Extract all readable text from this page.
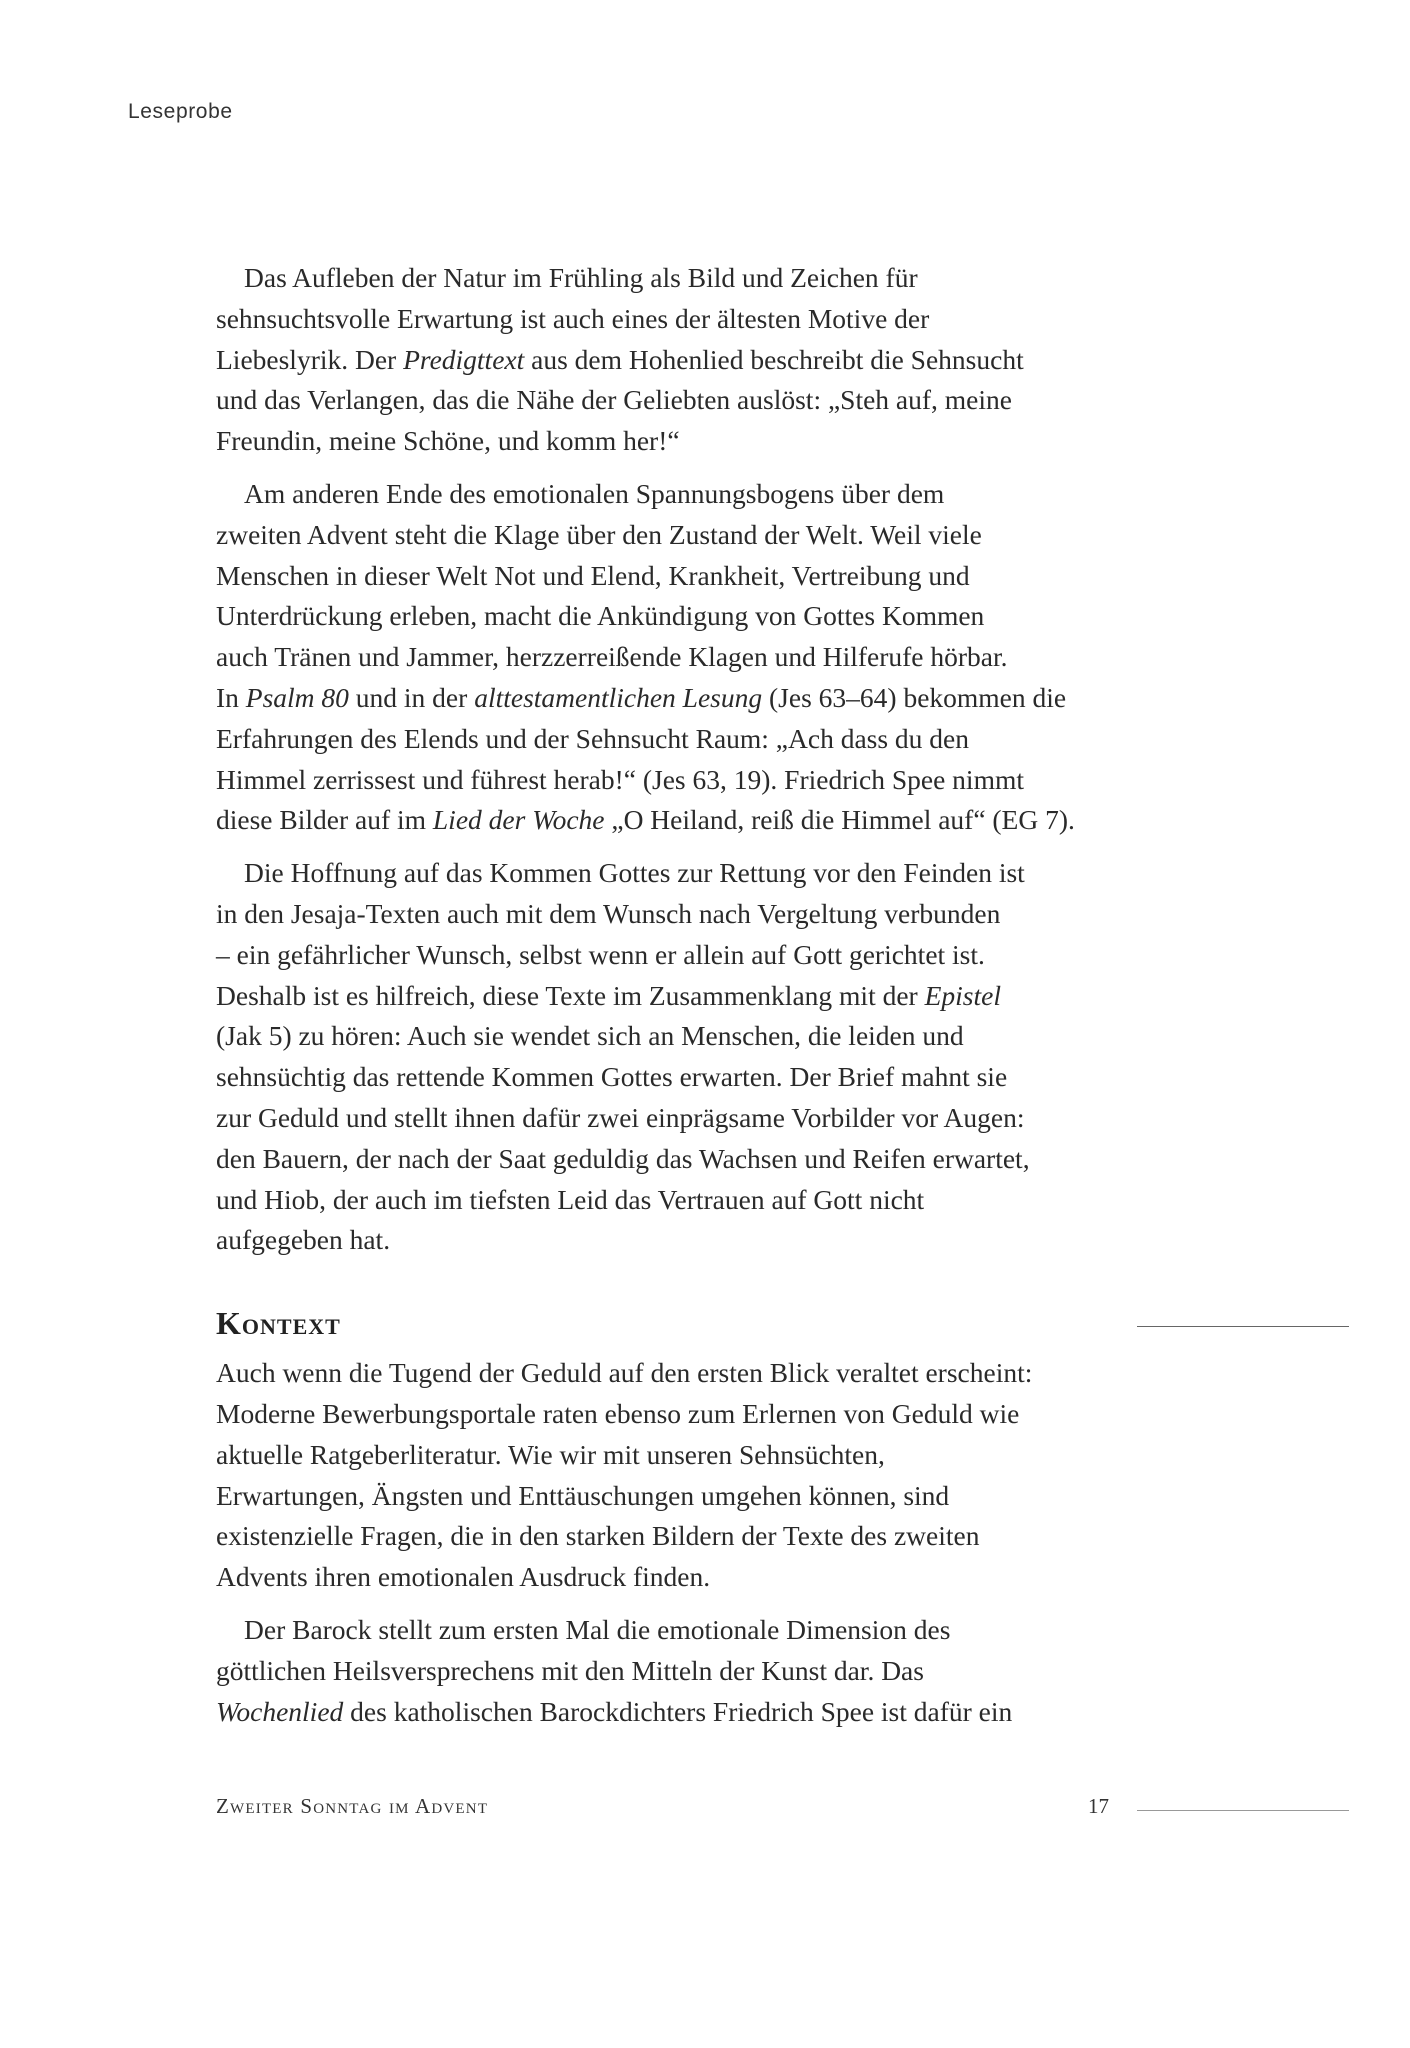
Leseprobe

Das Aufleben der Natur im Frühling als Bild und Zeichen für
sehnsuchtsvolle Erwartung ist auch eines der ältesten Motive der
Liebeslyrik. Der Predigttext aus dem Hohenlied beschreibt die Sehnsucht
und das Verlangen, das die Nähe der Geliebten auslöst: „Steh auf, meine
Freundin, meine Schöne, und komm her!“

Am anderen Ende des emotionalen Spannungsbogens über dem
zweiten Advent steht die Klage über den Zustand der Welt. Weil viele
Menschen in dieser Welt Not und Elend, Krankheit, Vertreibung und
Unterdrückung erleben, macht die Ankündigung von Gottes Kommen
auch Tränen und Jammer, herzzerreißende Klagen und Hilferufe hörbar.
In Psalm 80 und in der alttestamentlichen Lesung (Jes 63–64) bekommen die
Erfahrungen des Elends und der Sehnsucht Raum: „Ach dass du den
Himmel zerrissest und führest herab!“ (Jes 63, 19). Friedrich Spee nimmt
diese Bilder auf im Lied der Woche „O Heiland, reiß die Himmel auf“ (EG 7).

Die Hoffnung auf das Kommen Gottes zur Rettung vor den Feinden ist
in den Jesaja-Texten auch mit dem Wunsch nach Vergeltung verbunden
– ein gefährlicher Wunsch, selbst wenn er allein auf Gott gerichtet ist.
Deshalb ist es hilfreich, diese Texte im Zusammenklang mit der Epistel
(Jak 5) zu hören: Auch sie wendet sich an Menschen, die leiden und
sehnsüchtig das rettende Kommen Gottes erwarten. Der Brief mahnt sie
zur Geduld und stellt ihnen dafür zwei einprägsame Vorbilder vor Augen:
den Bauern, der nach der Saat geduldig das Wachsen und Reifen erwartet,
und Hiob, der auch im tiefsten Leid das Vertrauen auf Gott nicht
aufgegeben hat.

Kontext

Auch wenn die Tugend der Geduld auf den ersten Blick veraltet erscheint:
Moderne Bewerbungsportale raten ebenso zum Erlernen von Geduld wie
aktuelle Ratgeberliteratur. Wie wir mit unseren Sehnsüchten,
Erwartungen, Ängsten und Enttäuschungen umgehen können, sind
existenzielle Fragen, die in den starken Bildern der Texte des zweiten
Advents ihren emotionalen Ausdruck finden.

Der Barock stellt zum ersten Mal die emotionale Dimension des
göttlichen Heilsversprechens mit den Mitteln der Kunst dar. Das
Wochenlied des katholischen Barockdichters Friedrich Spee ist dafür ein

Zweiter Sonntag im Advent	17
